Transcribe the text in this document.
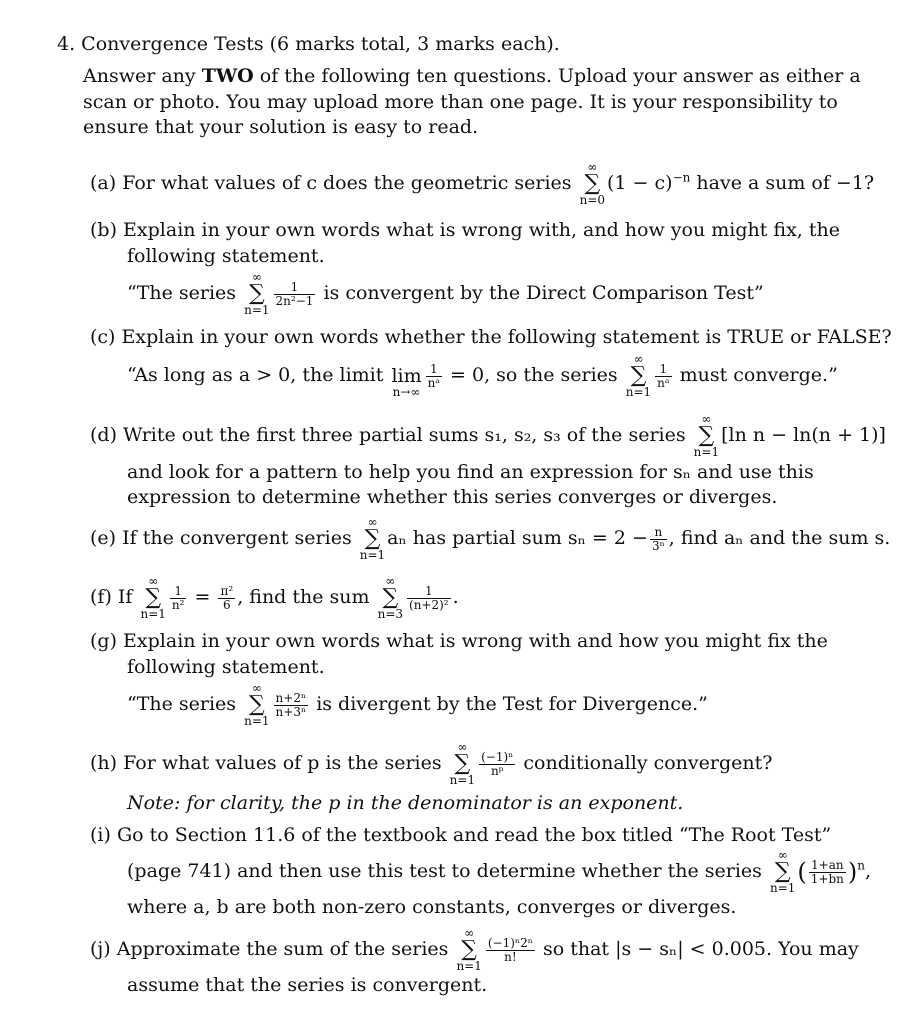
4. Convergence Tests (6 marks total, 3 marks each).
Answer any TWO of the following ten questions. Upload your answer as either a
scan or photo. You may upload more than one page. It is your responsibility to
ensure that your solution is easy to read.
(a) For what values of c does the geometric series
∞
∑
n=0
$(1 - c)^{-n}$ have a sum of −1?
(b) Explain in your own words what is wrong with, and how you might fix, the
following statement.
“The series
∞
∑
n=1
$\frac{1}{\text{2n²−1}}$ is convergent by the Direct Comparison Test”
(c) Explain in your own words whether the following statement is TRUE or FALSE?
“As long as a > 0, the limit lim
n→∞
$\frac{1}{\text{nᵃ}} = 0$, so the series
∞
∑
n=1
$\frac{1}{\text{nᵃ}}$ must converge.”
(d) Write out the first three partial sums s₁, s₂, s₃ of the series
∞
∑
n=1
[ln n − ln(n + 1)]
and look for a pattern to help you find an expression for sₙ and use this
expression to determine whether this series converges or diverges.
(e) If the convergent series
∞
∑
n=1
aₙ has partial sum $s_n = 2 - \frac{n}{\text{3ⁿ}}$ , find aₙ and the sum s.
(f) If
∞
∑
n=1
$\frac{1}{\text{n²}} = \frac{\text{π²}}{6}$ , find the sum
∞
∑
n=3
$\frac{1}{\text{(n+2)²}}$ .
(g) Explain in your own words what is wrong with and how you might fix the
following statement.
“The series
∞
∑
n=1
$\frac{\text{n+2ⁿ}}{\text{n+3ⁿ}}$ is divergent by the Test for Divergence.”
(h) For what values of p is the series
∞
∑
n=1
$\frac{\text{(−1)ⁿ}}{\text{nᵖ}}$ conditionally convergent?
Note: for clarity, the p in the denominator is an exponent.
(i) Go to Section 11.6 of the textbook and read the box titled “The Root Test”
(page 741) and then use this test to determine whether the series
∞
∑
n=1
( $\frac{1+an}{1+bn} )^n$,
where a, b are both non-zero constants, converges or diverges.
(j) Approximate the sum of the series
∞
∑
n=1
$\frac{\text{(−1)ⁿ2ⁿ}}{n!}$ so that |s − sₙ| < 0.005. You may
assume that the series is convergent.
